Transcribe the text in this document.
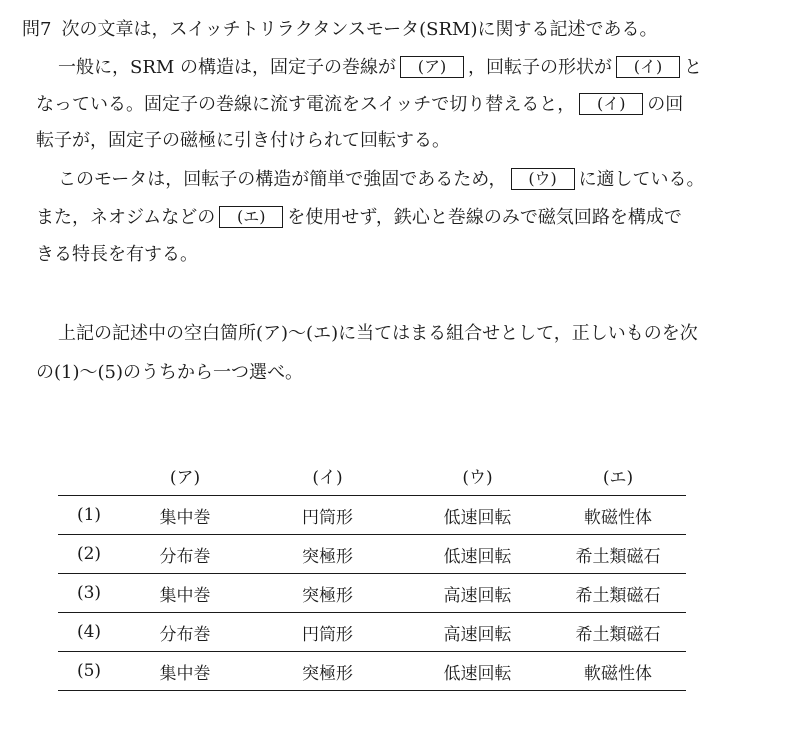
問7 次の文章は，スイッチトリラクタンスモータ(SRM)に関する記述である。
一般に，SRM の構造は，固定子の巻線が (ア) ，回転子の形状が (イ) と
なっている。固定子の巻線に流す電流をスイッチで切り替えると， (イ) の回
転子が，固定子の磁極に引き付けられて回転する。
このモータは，回転子の構造が簡単で強固であるため， (ウ) に適している。
また，ネオジムなどの (エ) を使用せず，鉄心と巻線のみで磁気回路を構成で
きる特長を有する。
上記の記述中の空白箇所(ア)～(エ)に当てはまる組合せとして，正しいものを次
の(1)～(5)のうちから一つ選べ。
	(ア)	(イ)	(ウ)	(エ)
(1)	集中巻	円筒形	低速回転	軟磁性体
(2)	分布巻	突極形	低速回転	希土類磁石
(3)	集中巻	突極形	高速回転	希土類磁石
(4)	分布巻	円筒形	高速回転	希土類磁石
(5)	集中巻	突極形	低速回転	軟磁性体
